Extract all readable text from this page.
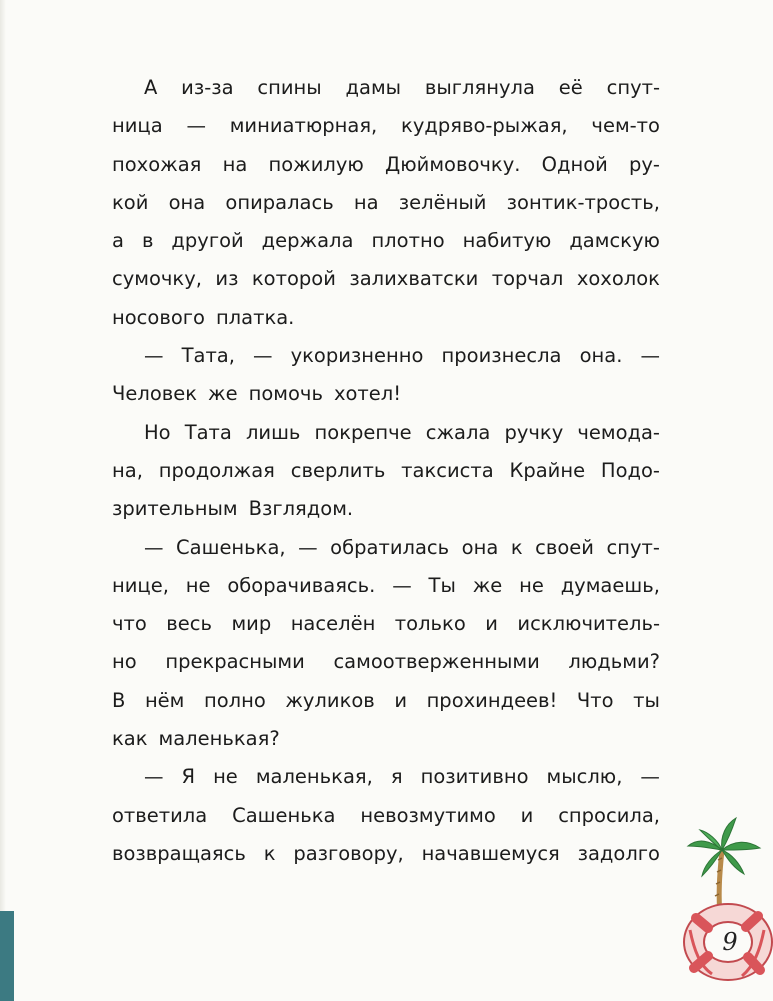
А из-за спины дамы выглянула её спут-
ница — миниатюрная, кудряво-рыжая, чем-то
похожая на пожилую Дюймовочку. Одной ру-
кой она опиралась на зелёный зонтик-трость,
а в другой держала плотно набитую дамскую
сумочку, из которой залихватски торчал хохолок
носового платка.
— Тата, — укоризненно произнесла она. —
Человек же помочь хотел!
Но Тата лишь покрепче сжала ручку чемода-
на, продолжая сверлить таксиста Крайне Подо-
зрительным Взглядом.
— Сашенька, — обратилась она к своей спут-
нице, не оборачиваясь. — Ты же не думаешь,
что весь мир населён только и исключитель-
но прекрасными самоотверженными людьми?
В нём полно жуликов и прохиндеев! Что ты
как маленькая?
— Я не маленькая, я позитивно мыслю, —
ответила Сашенька невозмутимо и спросила,
возвращаясь к разговору, начавшемуся задолго
9
